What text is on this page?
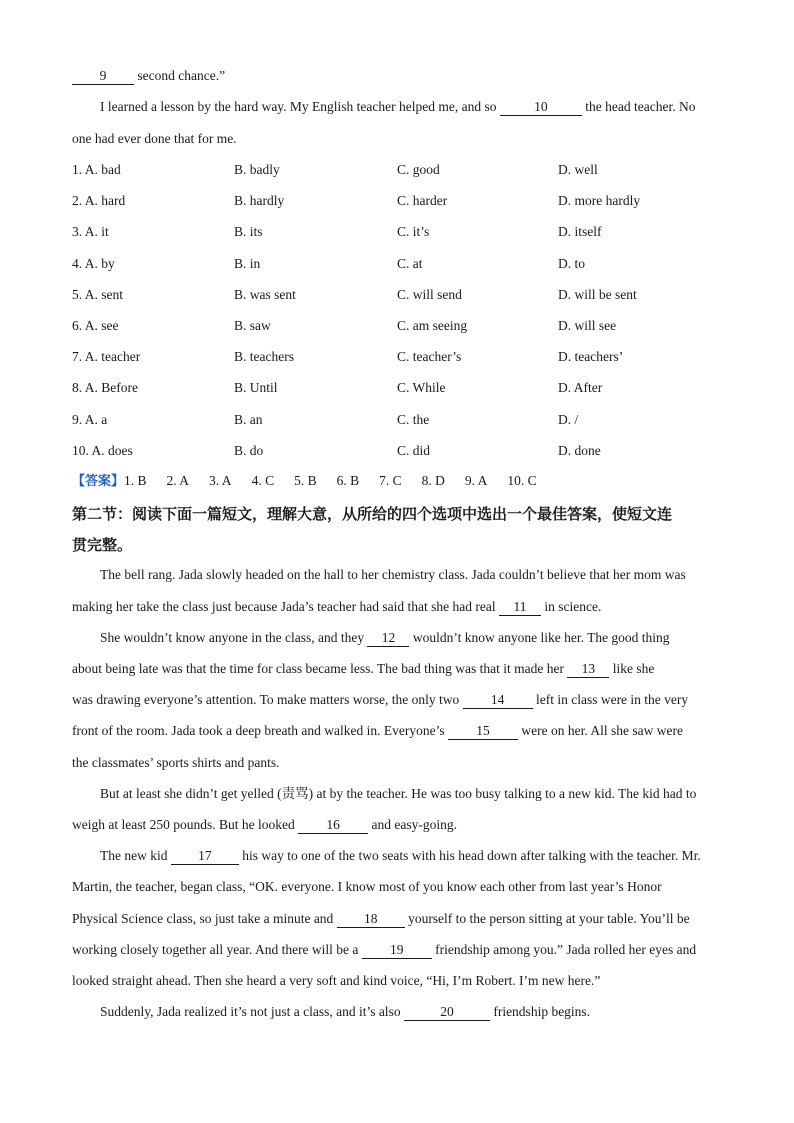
9 second chance.”
I learned a lesson by the hard way. My English teacher helped me, and so	10	the head teacher. No
one had ever done that for me.
1. A. bad	B. badly	C. good	D. well
2. A. hard	B. hardly	C. harder	D. more hardly
3. A. it	B. its	C. it’s	D. itself
4. A. by	B. in	C. at	D. to
5. A. sent	B. was sent	C. will send	D. will be sent
6. A. see	B. saw	C. am seeing	D. will see
7. A. teacher	B. teachers	C. teacher’s	D. teachers’
8. A. Before	B. Until	C. While	D. After
9. A. a	B. an	C. the	D. /
10. A. does	B. do	C. did	D. done
【答案】1. B 2. A 3. A 4. C 5. B 6. B 7. C 8. D 9. A 10. C
第二节：阅读下面一篇短文，理解大意，从所给的四个选项中选出一个最佳答案，使短文连
贯完整。
The bell rang. Jada slowly headed on the hall to her chemistry class. Jada couldn’t believe that her mom was
making her take the class just because Jada’s teacher had said that she had real 11 in science.
She wouldn’t know anyone in the class, and they 12 wouldn’t know anyone like her. The good thing
about being late was that the time for class became less. The bad thing was that it made her 13 like she
was drawing everyone’s attention. To make matters worse, the only two 14 left in class were in the very
front of the room. Jada took a deep breath and walked in. Everyone’s 15 were on her. All she saw were
the classmates’ sports shirts and pants.
But at least she didn’t get yelled (责骂) at by the teacher. He was too busy talking to a new kid. The kid had to
weigh at least 250 pounds. But he looked 16 and easy-going.
The new kid 17 his way to one of the two seats with his head down after talking with the teacher. Mr.
Martin, the teacher, began class, “OK. everyone. I know most of you know each other from last year’s Honor
Physical Science class, so just take a minute and 18 yourself to the person sitting at your table. You’ll be
working closely together all year. And there will be a 19 friendship among you.” Jada rolled her eyes and
looked straight ahead. Then she heard a very soft and kind voice, “Hi, I’m Robert. I’m new here.”
Suddenly, Jada realized it’s not just a class, and it’s also	20	friendship begins.
